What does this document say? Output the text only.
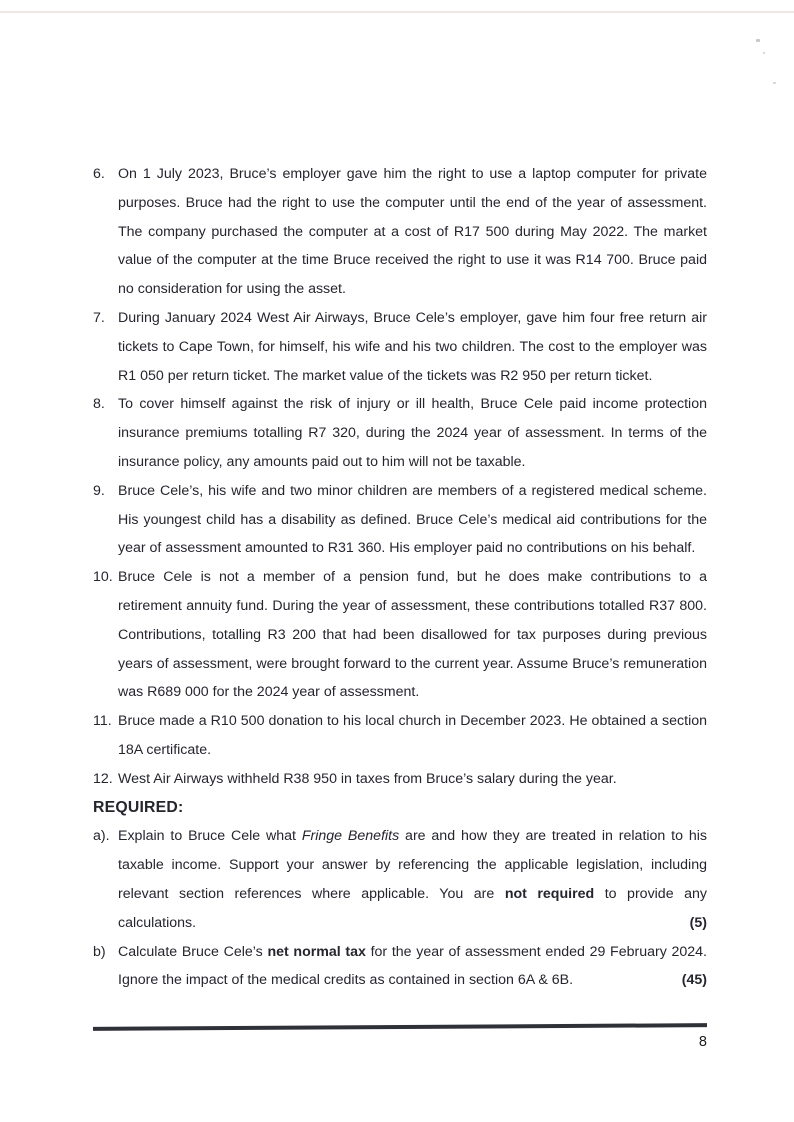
6. On 1 July 2023, Bruce’s employer gave him the right to use a laptop computer for private purposes. Bruce had the right to use the computer until the end of the year of assessment. The company purchased the computer at a cost of R17 500 during May 2022. The market value of the computer at the time Bruce received the right to use it was R14 700. Bruce paid no consideration for using the asset.
7. During January 2024 West Air Airways, Bruce Cele’s employer, gave him four free return air tickets to Cape Town, for himself, his wife and his two children. The cost to the employer was R1 050 per return ticket. The market value of the tickets was R2 950 per return ticket.
8. To cover himself against the risk of injury or ill health, Bruce Cele paid income protection insurance premiums totalling R7 320, during the 2024 year of assessment. In terms of the insurance policy, any amounts paid out to him will not be taxable.
9. Bruce Cele’s, his wife and two minor children are members of a registered medical scheme. His youngest child has a disability as defined. Bruce Cele’s medical aid contributions for the year of assessment amounted to R31 360. His employer paid no contributions on his behalf.
10. Bruce Cele is not a member of a pension fund, but he does make contributions to a retirement annuity fund. During the year of assessment, these contributions totalled R37 800. Contributions, totalling R3 200 that had been disallowed for tax purposes during previous years of assessment, were brought forward to the current year. Assume Bruce’s remuneration was R689 000 for the 2024 year of assessment.
11. Bruce made a R10 500 donation to his local church in December 2023. He obtained a section 18A certificate.
12. West Air Airways withheld R38 950 in taxes from Bruce’s salary during the year.
REQUIRED:
a). Explain to Bruce Cele what Fringe Benefits are and how they are treated in relation to his taxable income. Support your answer by referencing the applicable legislation, including relevant section references where applicable. You are not required to provide any calculations.	(5)
b) Calculate Bruce Cele’s net normal tax for the year of assessment ended 29 February 2024. Ignore the impact of the medical credits as contained in section 6A & 6B.	(45)
8
